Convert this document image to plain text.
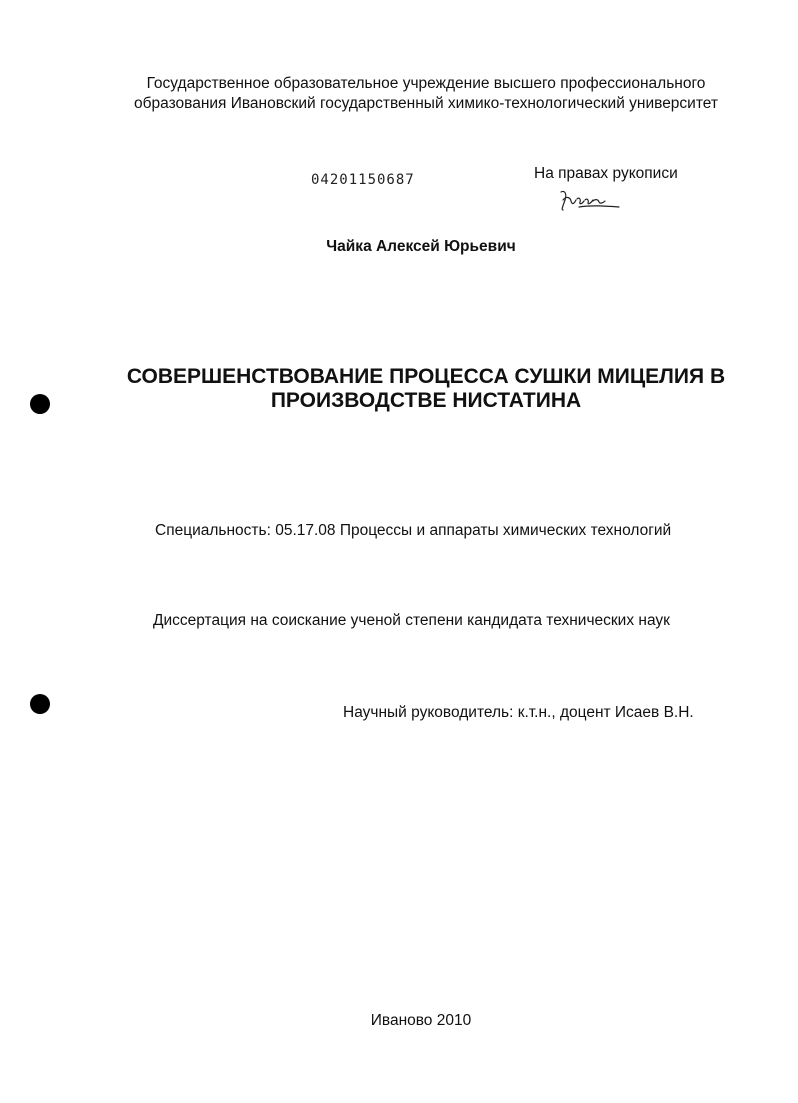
Государственное образовательное учреждение высшего профессионального
образования Ивановский государственный химико-технологический университет
04201150687	На правах рукописи
Чайка Алексей Юрьевич
СОВЕРШЕНСТВОВАНИЕ ПРОЦЕССА СУШКИ МИЦЕЛИЯ В
ПРОИЗВОДСТВЕ НИСТАТИНА
Специальность: 05.17.08 Процессы и аппараты химических технологий
Диссертация на соискание ученой степени кандидата технических наук
Научный руководитель: к.т.н., доцент Исаев В.Н.
Иваново 2010
